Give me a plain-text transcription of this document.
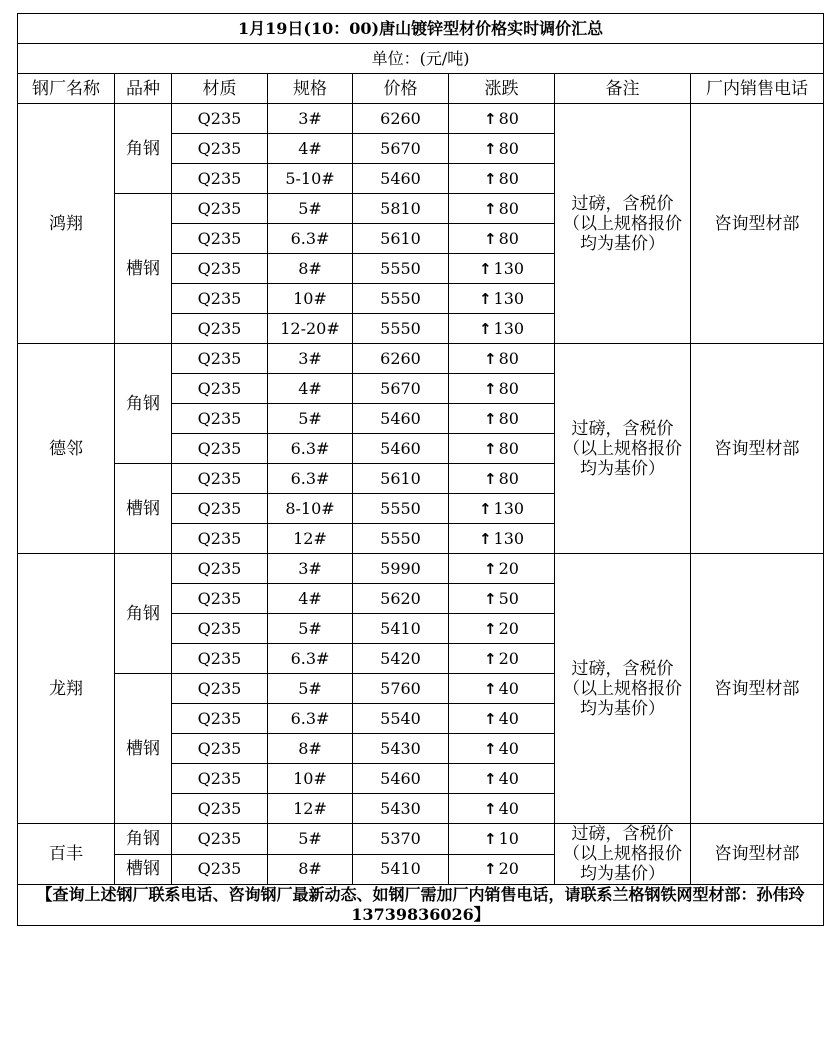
1月19日(10：00)唐山镀锌型材价格实时调价汇总							
单位：(元/吨)							
钢厂名称	品种	材质	规格	价格	涨跌	备注	厂内销售电话
鸿翔	角钢	Q235	3#	6260	↑ 80	过磅，含税价（以上规格报价均为基价）	咨询型材部
		Q235	4#	5670	↑ 80		
		Q235	5-10#	5460	↑ 80		
	槽钢	Q235	5#	5810	↑ 80		
		Q235	6.3#	5610	↑ 80		
		Q235	8#	5550	↑ 130		
		Q235	10#	5550	↑ 130		
		Q235	12-20#	5550	↑ 130		
德邻	角钢	Q235	3#	6260	↑ 80	过磅，含税价（以上规格报价均为基价）	咨询型材部
		Q235	4#	5670	↑ 80		
		Q235	5#	5460	↑ 80		
		Q235	6.3#	5460	↑ 80		
	槽钢	Q235	6.3#	5610	↑ 80		
		Q235	8-10#	5550	↑ 130		
		Q235	12#	5550	↑ 130		
龙翔	角钢	Q235	3#	5990	↑ 20	过磅，含税价（以上规格报价均为基价）	咨询型材部
		Q235	4#	5620	↑ 50		
		Q235	5#	5410	↑ 20		
		Q235	6.3#	5420	↑ 20		
	槽钢	Q235	5#	5760	↑ 40		
		Q235	6.3#	5540	↑ 40		
		Q235	8#	5430	↑ 40		
		Q235	10#	5460	↑ 40		
		Q235	12#	5430	↑ 40		
百丰	角钢	Q235	5#	5370	↑ 10	过磅，含税价（以上规格报价均为基价）	咨询型材部
	槽钢	Q235	8#	5410	↑ 20		
【查询上述钢厂联系电话、咨询钢厂最新动态、如钢厂需加厂内销售电话，请联系兰格钢铁网型材部：孙伟玲13739836026】							
